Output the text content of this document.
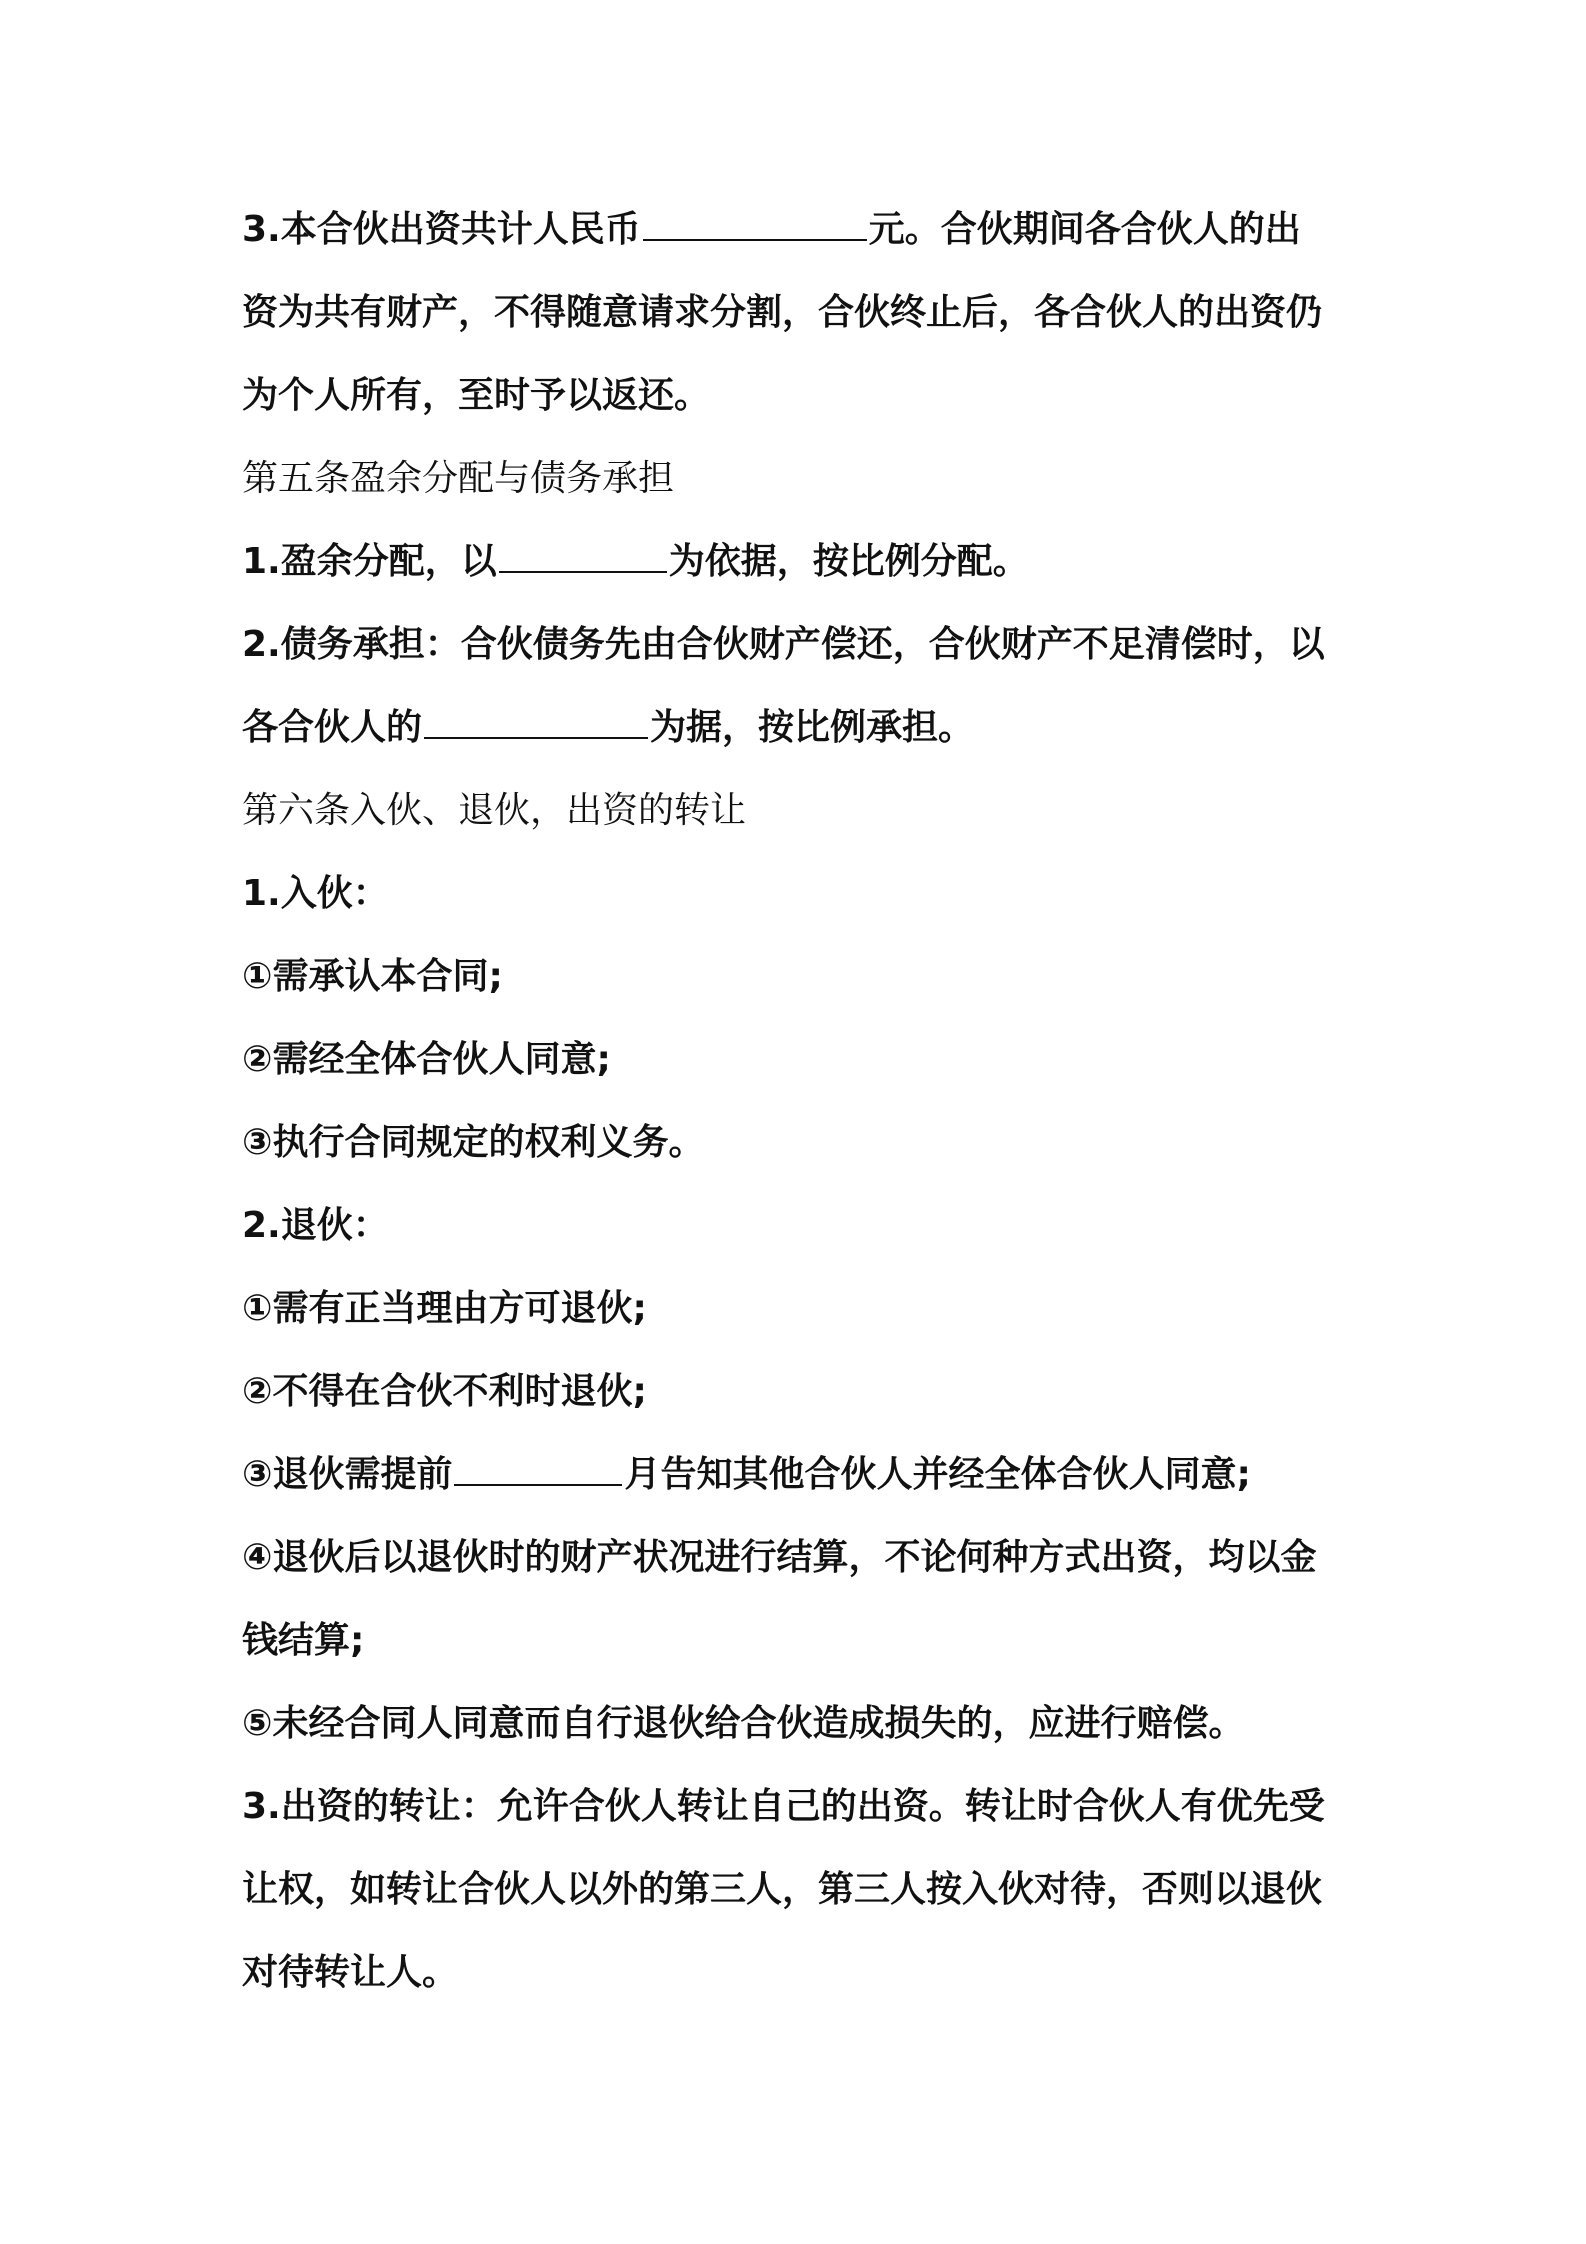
3.本合伙出资共计人民币	元。合伙期间各合伙人的出
资为共有财产，不得随意请求分割，合伙终止后，各合伙人的出资仍
为个人所有，至时予以返还。
第五条盈余分配与债务承担
1.盈余分配，以	为依据，按比例分配。
2.债务承担：合伙债务先由合伙财产偿还，合伙财产不足清偿时，以
各合伙人的	为据，按比例承担。
第六条入伙、退伙，出资的转让
1.入伙：
①需承认本合同;
②需经全体合伙人同意;
③执行合同规定的权利义务。
2.退伙：
①需有正当理由方可退伙;
②不得在合伙不利时退伙;
③退伙需提前	月告知其他合伙人并经全体合伙人同意;
④退伙后以退伙时的财产状况进行结算，不论何种方式出资，均以金
钱结算;
⑤未经合同人同意而自行退伙给合伙造成损失的，应进行赔偿。
3.出资的转让：允许合伙人转让自己的出资。转让时合伙人有优先受
让权，如转让合伙人以外的第三人，第三人按入伙对待，否则以退伙
对待转让人。
